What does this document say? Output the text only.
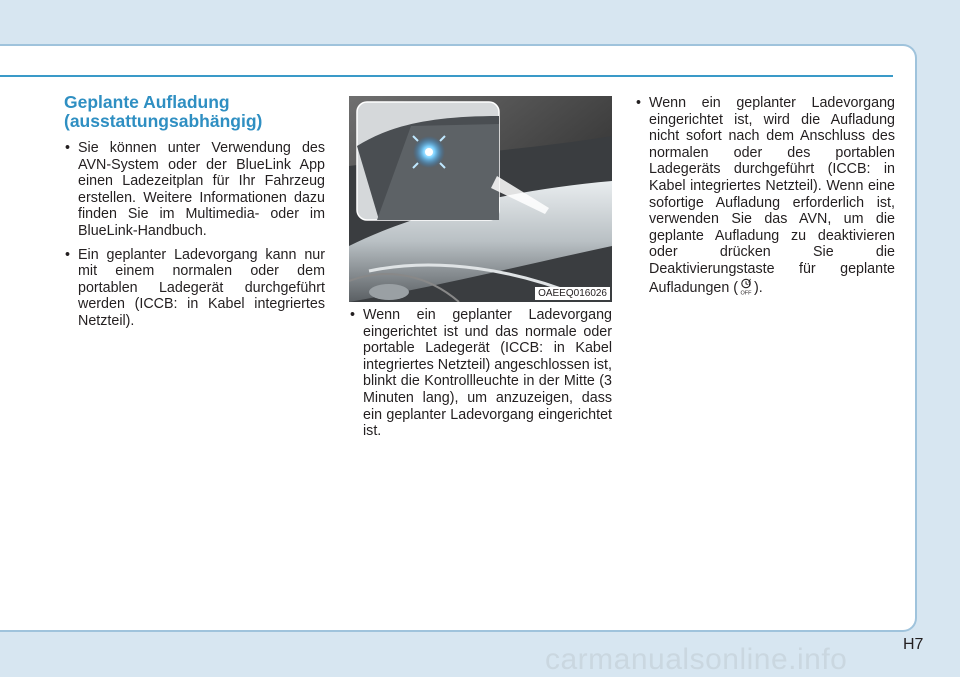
Geplante Aufladung
(ausstattungsabhängig)
• Sie können unter Verwendung des AVN-System oder der BlueLink App einen Ladezeitplan für Ihr Fahrzeug erstellen. Weitere Informationen dazu finden Sie im Multimedia- oder im BlueLink-Handbuch.
• Ein geplanter Ladevorgang kann nur mit einem normalen oder dem portablen Ladegerät durchgeführt werden (ICCB: in Kabel integriertes Netzteil).
OAEEQ016026
• Wenn ein geplanter Ladevorgang eingerichtet ist und das normale oder portable Ladegerät (ICCB: in Kabel integriertes Netzteil) angeschlossen ist, blinkt die Kontrollleuchte in der Mitte (3 Minuten lang), um anzuzeigen, dass ein geplanter Ladevorgang eingerichtet ist.
• Wenn ein geplanter Ladevorgang eingerichtet ist, wird die Aufladung nicht sofort nach dem Anschluss des normalen oder des portablen Ladegeräts durchgeführt (ICCB: in Kabel integriertes Netzteil). Wenn eine sofortige Aufladung erforderlich ist, verwenden Sie das AVN, um die geplante Aufladung zu deaktivieren oder drücken Sie die Deaktivierungstaste für geplante Aufladungen ( OFF ).
H7
carmanualsonline.info
